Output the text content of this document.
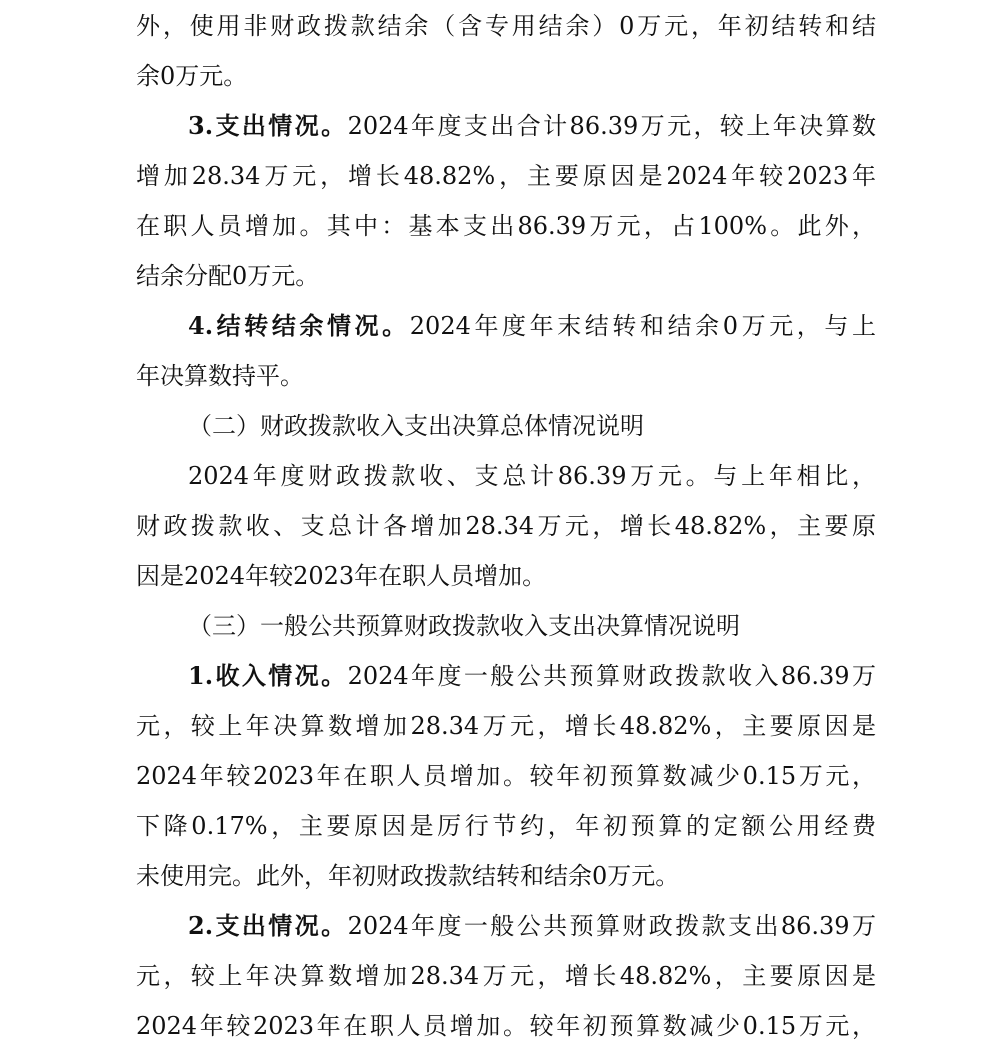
外，使用非财政拨款结余（含专用结余）0万元，年初结转和结
余0万元。
3.支出情况。2024年度支出合计86.39万元，较上年决算数
增加28.34万元，增长48.82%，主要原因是2024年较2023年
在职人员增加。其中：基本支出86.39万元，占100%。此外，
结余分配0万元。
4.结转结余情况。2024年度年末结转和结余0万元，与上
年决算数持平。
（二）财政拨款收入支出决算总体情况说明
2024年度财政拨款收、支总计86.39万元。与上年相比，
财政拨款收、支总计各增加28.34万元，增长48.82%，主要原
因是2024年较2023年在职人员增加。
（三）一般公共预算财政拨款收入支出决算情况说明
1.收入情况。2024年度一般公共预算财政拨款收入86.39万
元，较上年决算数增加28.34万元，增长48.82%，主要原因是
2024年较2023年在职人员增加。较年初预算数减少0.15万元，
下降0.17%，主要原因是厉行节约，年初预算的定额公用经费
未使用完。此外，年初财政拨款结转和结余0万元。
2.支出情况。2024年度一般公共预算财政拨款支出86.39万
元，较上年决算数增加28.34万元，增长48.82%，主要原因是
2024年较2023年在职人员增加。较年初预算数减少0.15万元，
